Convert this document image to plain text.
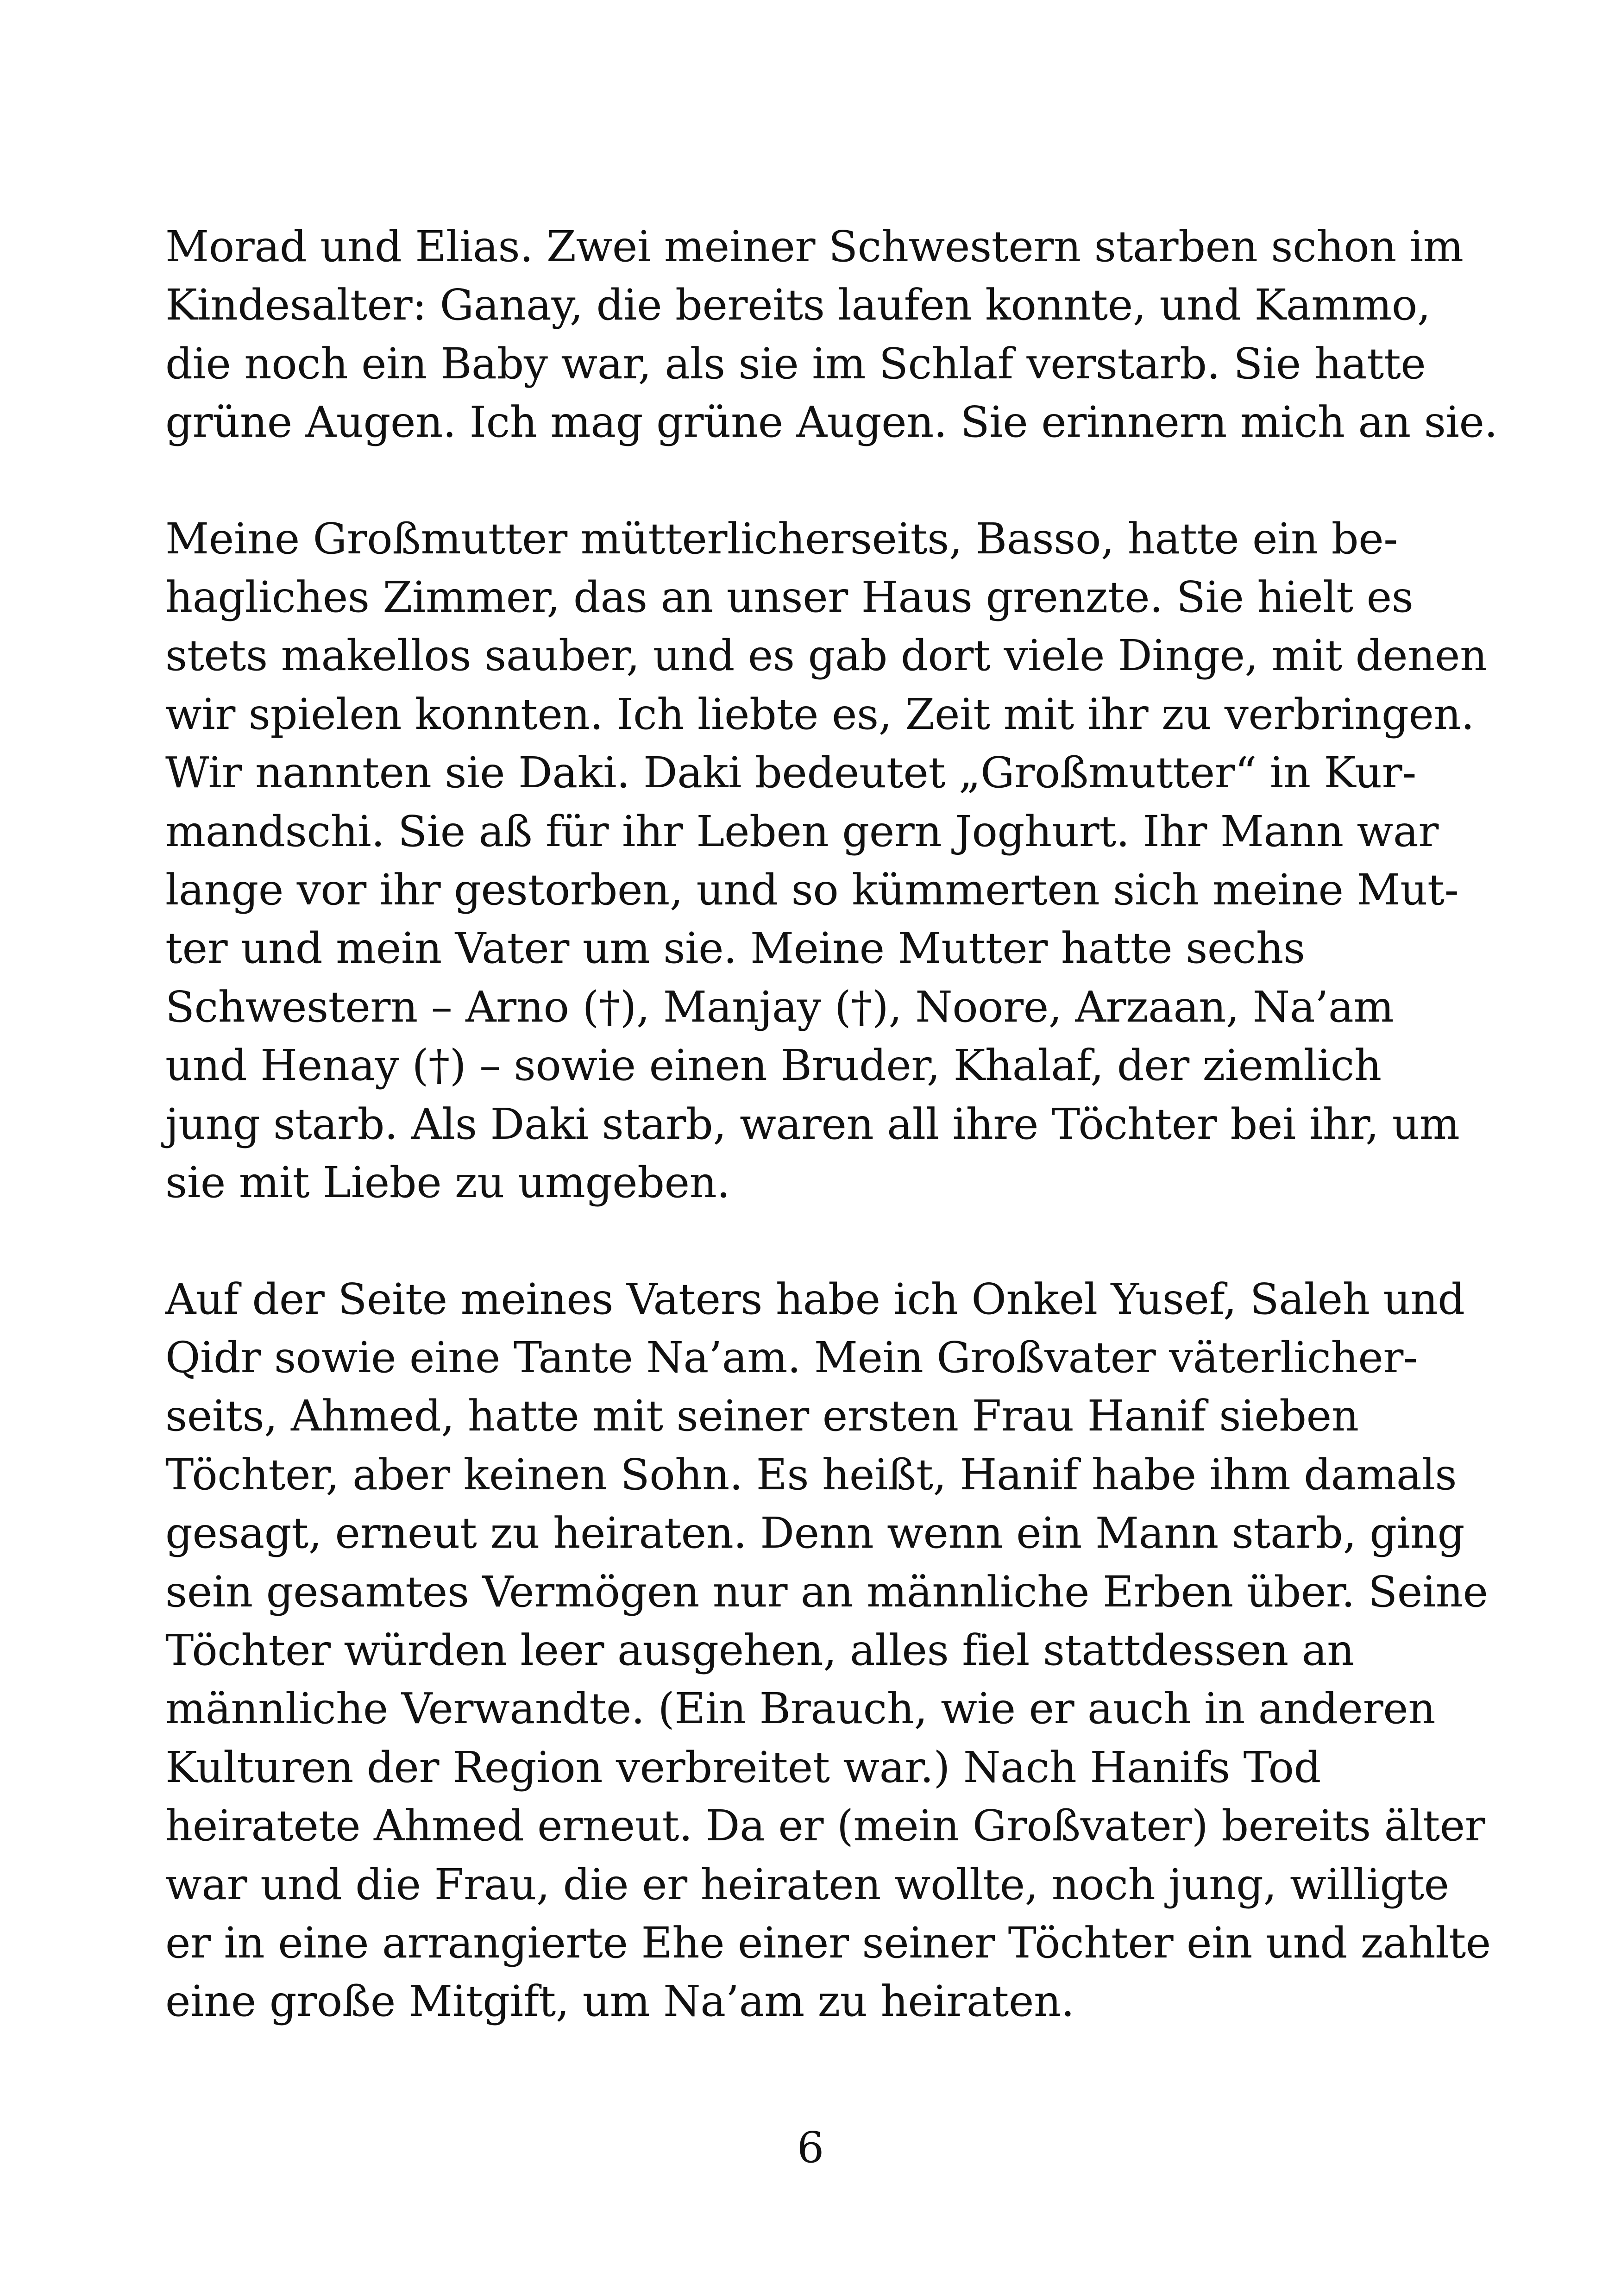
Morad und Elias. Zwei meiner Schwestern starben schon im
Kindesalter: Ganay, die bereits laufen konnte, und Kammo,
die noch ein Baby war, als sie im Schlaf verstarb. Sie hatte
grüne Augen. Ich mag grüne Augen. Sie erinnern mich an sie.

Meine Großmutter mütterlicherseits, Basso, hatte ein be-
hagliches Zimmer, das an unser Haus grenzte. Sie hielt es
stets makellos sauber, und es gab dort viele Dinge, mit denen
wir spielen konnten. Ich liebte es, Zeit mit ihr zu verbringen.
Wir nannten sie Daki. Daki bedeutet „Großmutter“ in Kur-
mandschi. Sie aß für ihr Leben gern Joghurt. Ihr Mann war
lange vor ihr gestorben, und so kümmerten sich meine Mut-
ter und mein Vater um sie. Meine Mutter hatte sechs
Schwestern – Arno (†), Manjay (†), Noore, Arzaan, Na’am
und Henay (†) – sowie einen Bruder, Khalaf, der ziemlich
jung starb. Als Daki starb, waren all ihre Töchter bei ihr, um
sie mit Liebe zu umgeben.

Auf der Seite meines Vaters habe ich Onkel Yusef, Saleh und
Qidr sowie eine Tante Na’am. Mein Großvater väterlicher-
seits, Ahmed, hatte mit seiner ersten Frau Hanif sieben
Töchter, aber keinen Sohn. Es heißt, Hanif habe ihm damals
gesagt, erneut zu heiraten. Denn wenn ein Mann starb, ging
sein gesamtes Vermögen nur an männliche Erben über. Seine
Töchter würden leer ausgehen, alles fiel stattdessen an
männliche Verwandte. (Ein Brauch, wie er auch in anderen
Kulturen der Region verbreitet war.) Nach Hanifs Tod
heiratete Ahmed erneut. Da er (mein Großvater) bereits älter
war und die Frau, die er heiraten wollte, noch jung, willigte
er in eine arrangierte Ehe einer seiner Töchter ein und zahlte
eine große Mitgift, um Na’am zu heiraten.

6
